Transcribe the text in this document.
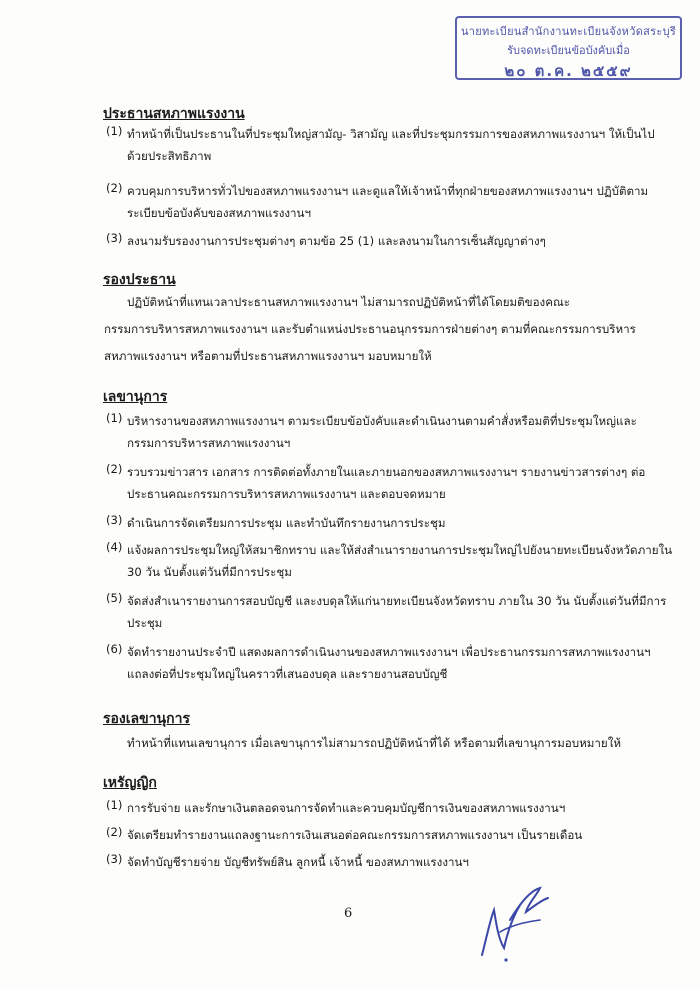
นายทะเบียนสำนักงานทะเบียนจังหวัดสระบุรี
รับจดทะเบียนข้อบังคับเมื่อ
๒๐ ต.ค. ๒๕๕๙
ประธานสหภาพแรงงาน
(1) ทำหน้าที่เป็นประธานในที่ประชุมใหญ่สามัญ- วิสามัญ และที่ประชุมกรรมการของสหภาพแรงงานฯ ให้เป็นไปด้วยประสิทธิภาพ
(2) ควบคุมการบริหารทั่วไปของสหภาพแรงงานฯ และดูแลให้เจ้าหน้าที่ทุกฝ่ายของสหภาพแรงงานฯ ปฏิบัติตามระเบียบข้อบังคับของสหภาพแรงงานฯ
(3) ลงนามรับรองงานการประชุมต่างๆ ตามข้อ 25 (1) และลงนามในการเซ็นสัญญาต่างๆ
รองประธาน
ปฏิบัติหน้าที่แทนเวลาประธานสหภาพแรงงานฯ ไม่สามารถปฏิบัติหน้าที่ได้โดยมติของคณะ
กรรมการบริหารสหภาพแรงงานฯ และรับตำแหน่งประธานอนุกรรมการฝ่ายต่างๆ ตามที่คณะกรรมการบริหาร
สหภาพแรงงานฯ หรือตามที่ประธานสหภาพแรงงานฯ มอบหมายให้
เลขานุการ
(1) บริหารงานของสหภาพแรงงานฯ ตามระเบียบข้อบังคับและดำเนินงานตามคำสั่งหรือมติที่ประชุมใหญ่และกรรมการบริหารสหภาพแรงงานฯ
(2) รวบรวมข่าวสาร เอกสาร การติดต่อทั้งภายในและภายนอกของสหภาพแรงงานฯ รายงานข่าวสารต่างๆ ต่อประธานคณะกรรมการบริหารสหภาพแรงงานฯ และตอบจดหมาย
(3) ดำเนินการจัดเตรียมการประชุม และทำบันทึกรายงานการประชุม
(4) แจ้งผลการประชุมใหญ่ให้สมาชิกทราบ และให้ส่งสำเนารายงานการประชุมใหญ่ไปยังนายทะเบียนจังหวัดภายใน 30 วัน นับตั้งแต่วันที่มีการประชุม
(5) จัดส่งสำเนารายงานการสอบบัญชี และงบดุลให้แก่นายทะเบียนจังหวัดทราบ ภายใน 30 วัน นับตั้งแต่วันที่มีการประชุม
(6) จัดทำรายงานประจำปี แสดงผลการดำเนินงานของสหภาพแรงงานฯ เพื่อประธานกรรมการสหภาพแรงงานฯ แถลงต่อที่ประชุมใหญ่ในคราวที่เสนองบดุล และรายงานสอบบัญชี
รองเลขานุการ
ทำหน้าที่แทนเลขานุการ เมื่อเลขานุการไม่สามารถปฏิบัติหน้าที่ได้ หรือตามที่เลขานุการมอบหมายให้
เหรัญญิก
(1) การรับจ่าย และรักษาเงินตลอดจนการจัดทำและควบคุมบัญชีการเงินของสหภาพแรงงานฯ
(2) จัดเตรียมทำรายงานแถลงฐานะการเงินเสนอต่อคณะกรรมการสหภาพแรงงานฯ เป็นรายเดือน
(3) จัดทำบัญชีรายจ่าย บัญชีทรัพย์สิน ลูกหนี้ เจ้าหนี้ ของสหภาพแรงงานฯ
6
